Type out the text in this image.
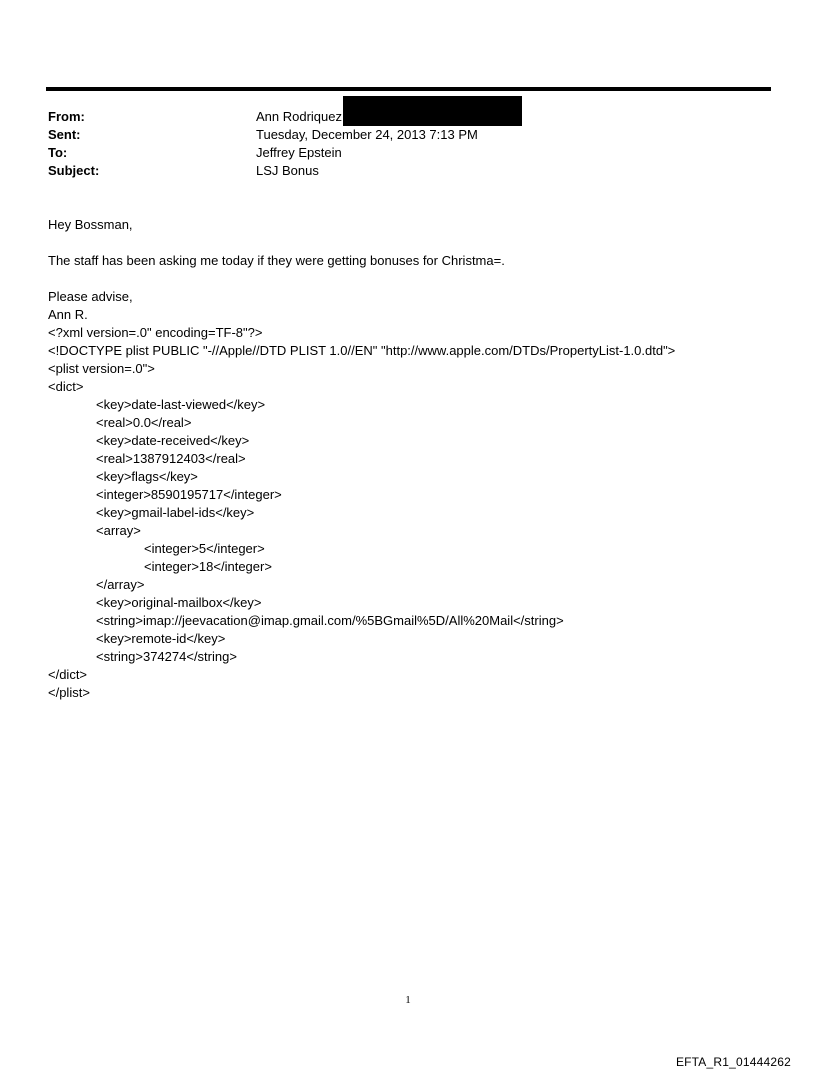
From:	Ann Rodriquez
Sent:	Tuesday, December 24, 2013 7:13 PM
To:	Jeffrey Epstein
Subject:	LSJ Bonus

Hey Bossman,

The staff has been asking me today if they were getting bonuses for Christma=.

Please advise,

Ann R.

<?xml version=.0" encoding=TF-8"?>

<!DOCTYPE plist PUBLIC "-//Apple//DTD PLIST 1.0//EN" "http://www.apple.com/DTDs/PropertyList-1.0.dtd">

<plist version=.0">

<dict>

<key>date-last-viewed</key>

<real>0.0</real>

<key>date-received</key>

<real>1387912403</real>

<key>flags</key>

<integer>8590195717</integer>

<key>gmail-label-ids</key>

<array>

<integer>5</integer>

<integer>18</integer>

</array>

<key>original-mailbox</key>

<string>imap://jeevacation@imap.gmail.com/%5BGmail%5D/All%20Mail</string>

<key>remote-id</key>

<string>374274</string>

</dict>

</plist>

1
EFTA_R1_01444262
